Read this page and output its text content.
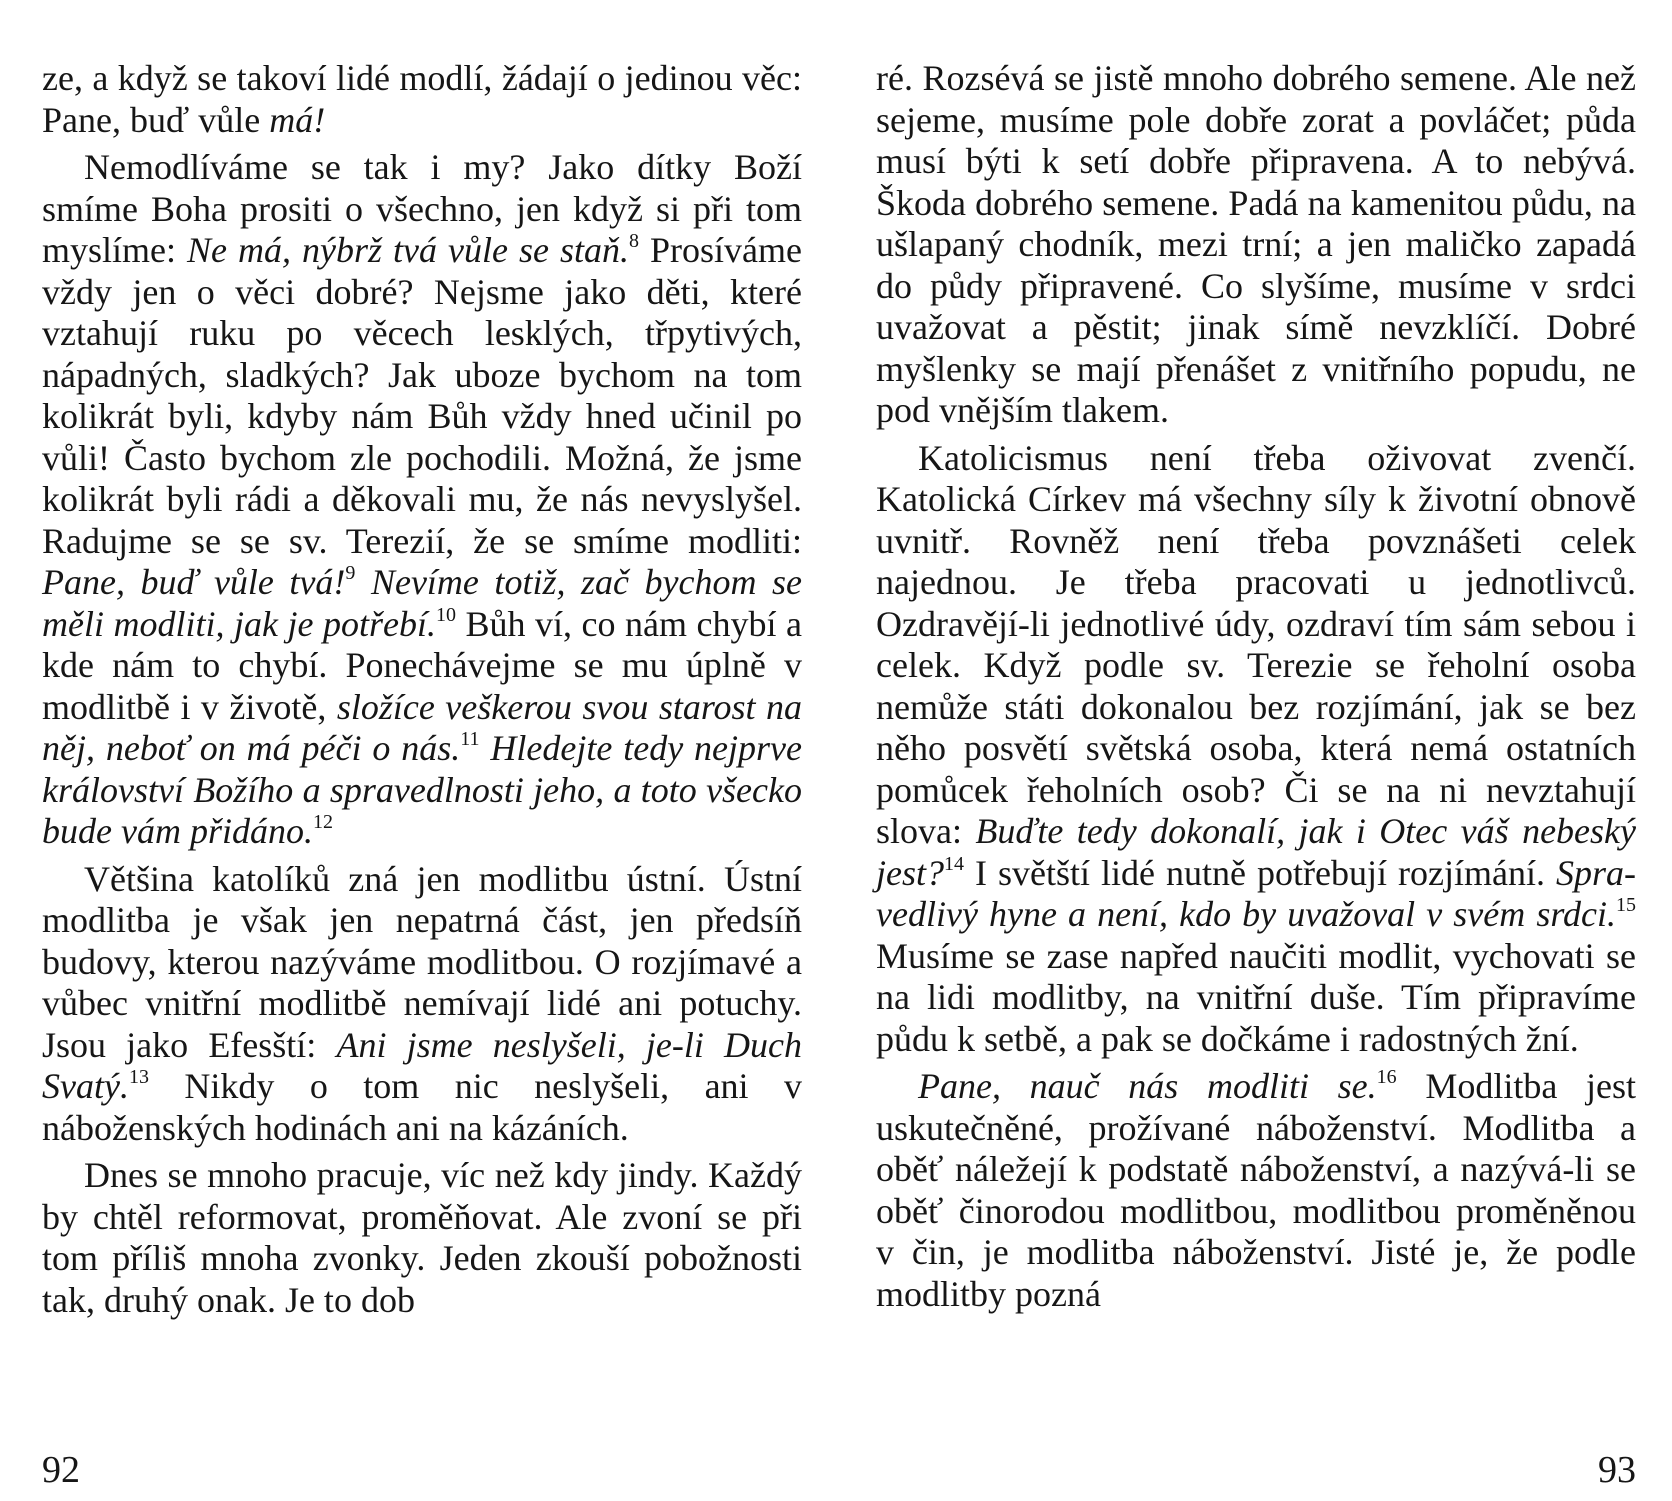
ze, a když se takoví lidé modlí, žádají o jedinou věc: Pane, buď vůle má!

Nemodlíváme se tak i my? Jako dítky Boží smíme Boha prositi o všechno, jen když si při tom myslíme: Ne má, nýbrž tvá vůle se staň.$^8$ Prosíváme vždy jen o věci dobré? Nejsme jako děti, které vztahují ruku po věcech lesklých, třpytivých, nápadných, sladkých? Jak uboze bychom na tom kolikrát byli, kdyby nám Bůh vždy hned učinil po vůli! Často bychom zle pochodili. Možná, že jsme kolikrát byli rádi a děkovali mu, že nás nevyslyšel. Radujme se se sv. Terezií, že se smíme modliti: Pane, buď vůle tvá!$^9$ Nevíme totiž, zač bychom se měli modliti, jak je potřebí.$^{10}$ Bůh ví, co nám chybí a kde nám to chybí. Ponechávejme se mu úplně v modlitbě i v životě, složíce veškerou svou starost na něj, neboť on má péči o nás.$^{11}$ Hledejte tedy nejprve království Božího a spravedlnosti jeho, a toto všecko bude vám přidáno.$^{12}$

Většina katolíků zná jen modlitbu ústní. Ústní modlitba je však jen nepatrná část, jen předsíň budovy, kterou nazýváme modlitbou. O rozjímavé a vůbec vnitřní modlitbě nemívají lidé ani potuchy. Jsou jako Efesští: Ani jsme neslyšeli, je-li Duch Svatý.$^{13}$ Nikdy o tom nic neslyšeli, ani v náboženských hodinách ani na kázáních.

Dnes se mnoho pracuje, víc než kdy jindy. Každý by chtěl reformovat, proměňovat. Ale zvoní se při tom příliš mnoha zvonky. Jeden zkouší pobožnosti tak, druhý onak. Je to dob

92

ré. Rozsévá se jistě mnoho dobrého semene. Ale než sejeme, musíme pole dobře zorat a povláčet; půda musí býti k setí dobře připravena. A to nebývá. Škoda dobrého semene. Padá na kamenitou půdu, na ušlapaný chodník, mezi trní; a jen maličko zapadá do půdy připravené. Co slyšíme, musíme v srdci uvažovat a pěstit; jinak símě nevzklíčí. Dobré myšlenky se mají přenášet z vnitřního popudu, ne pod vnějším tlakem.

Katolicismus není třeba oživovat zvenčí. Katolická Církev má všechny síly k životní obnově uvnitř. Rovněž není třeba povznášeti celek najednou. Je třeba pracovati u jednotlivců. Ozdravějí-li jednotlivé údy, ozdraví tím sám sebou i celek. Když podle sv. Terezie se řeholní osoba nemůže státi dokonalou bez rozjímání, jak se bez něho posvětí světská osoba, která nemá ostatních pomůcek řeholních osob? Či se na ni nevztahují slova: Buďte tedy dokonalí, jak i Otec váš nebeský jest?$^{14}$ I světští lidé nutně potřebují rozjímání. Spravedlivý hyne a není, kdo by uvažoval v svém srdci.$^{15}$ Musíme se zase napřed naučiti modlit, vychovati se na lidi modlitby, na vnitřní duše. Tím připravíme půdu k setbě, a pak se dočkáme i radostných žní.

Pane, nauč nás modliti se.$^{16}$ Modlitba jest uskutečněné, prožívané náboženství. Modlitba a oběť náležejí k podstatě náboženství, a nazývá-li se oběť činorodou modlitbou, modlitbou proměněnou v čin, je modlitba náboženství. Jisté je, že podle modlitby pozná

93
